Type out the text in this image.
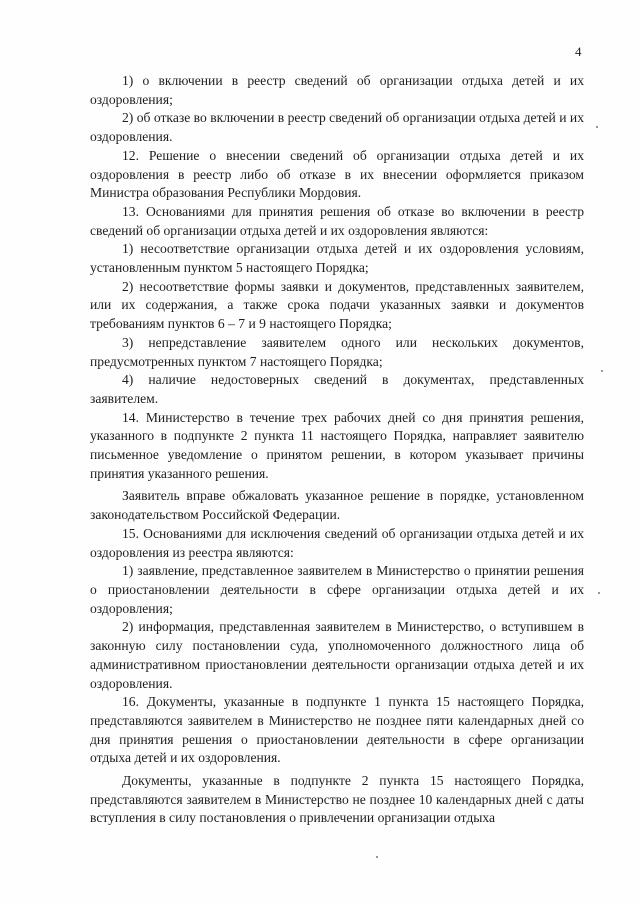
4

1) о включении в реестр сведений об организации отдыха детей и их оздоровления;

2) об отказе во включении в реестр сведений об организации отдыха детей и их оздоровления.

12. Решение о внесении сведений об организации отдыха детей и их оздоровления в реестр либо об отказе в их внесении оформляется приказом Министра образования Республики Мордовия.

13. Основаниями для принятия решения об отказе во включении в реестр сведений об организации отдыха детей и их оздоровления являются:

1) несоответствие организации отдыха детей и их оздоровления условиям, установленным пунктом 5 настоящего Порядка;

2) несоответствие формы заявки и документов, представленных заявителем, или их содержания, а также срока подачи указанных заявки и документов требованиям пунктов 6 – 7 и 9 настоящего Порядка;

3) непредставление заявителем одного или нескольких документов, предусмотренных пунктом 7 настоящего Порядка;

4) наличие недостоверных сведений в документах, представленных заявителем.

14. Министерство в течение трех рабочих дней со дня принятия решения, указанного в подпункте 2 пункта 11 настоящего Порядка, направляет заявителю письменное уведомление о принятом решении, в котором указывает причины принятия указанного решения.

Заявитель вправе обжаловать указанное решение в порядке, установленном законодательством Российской Федерации.

15. Основаниями для исключения сведений об организации отдыха детей и их оздоровления из реестра являются:

1) заявление, представленное заявителем в Министерство о принятии решения о приостановлении деятельности в сфере организации отдыха детей и их оздоровления;

2) информация, представленная заявителем в Министерство, о вступившем в законную силу постановлении суда, уполномоченного должностного лица об административном приостановлении деятельности организации отдыха детей и их оздоровления.

16. Документы, указанные в подпункте 1 пункта 15 настоящего Порядка, представляются заявителем в Министерство не позднее пяти календарных дней со дня принятия решения о приостановлении деятельности в сфере организации отдыха детей и их оздоровления.

Документы, указанные в подпункте 2 пункта 15 настоящего Порядка, представляются заявителем в Министерство не позднее 10 календарных дней с даты вступления в силу постановления о привлечении организации отдыха
